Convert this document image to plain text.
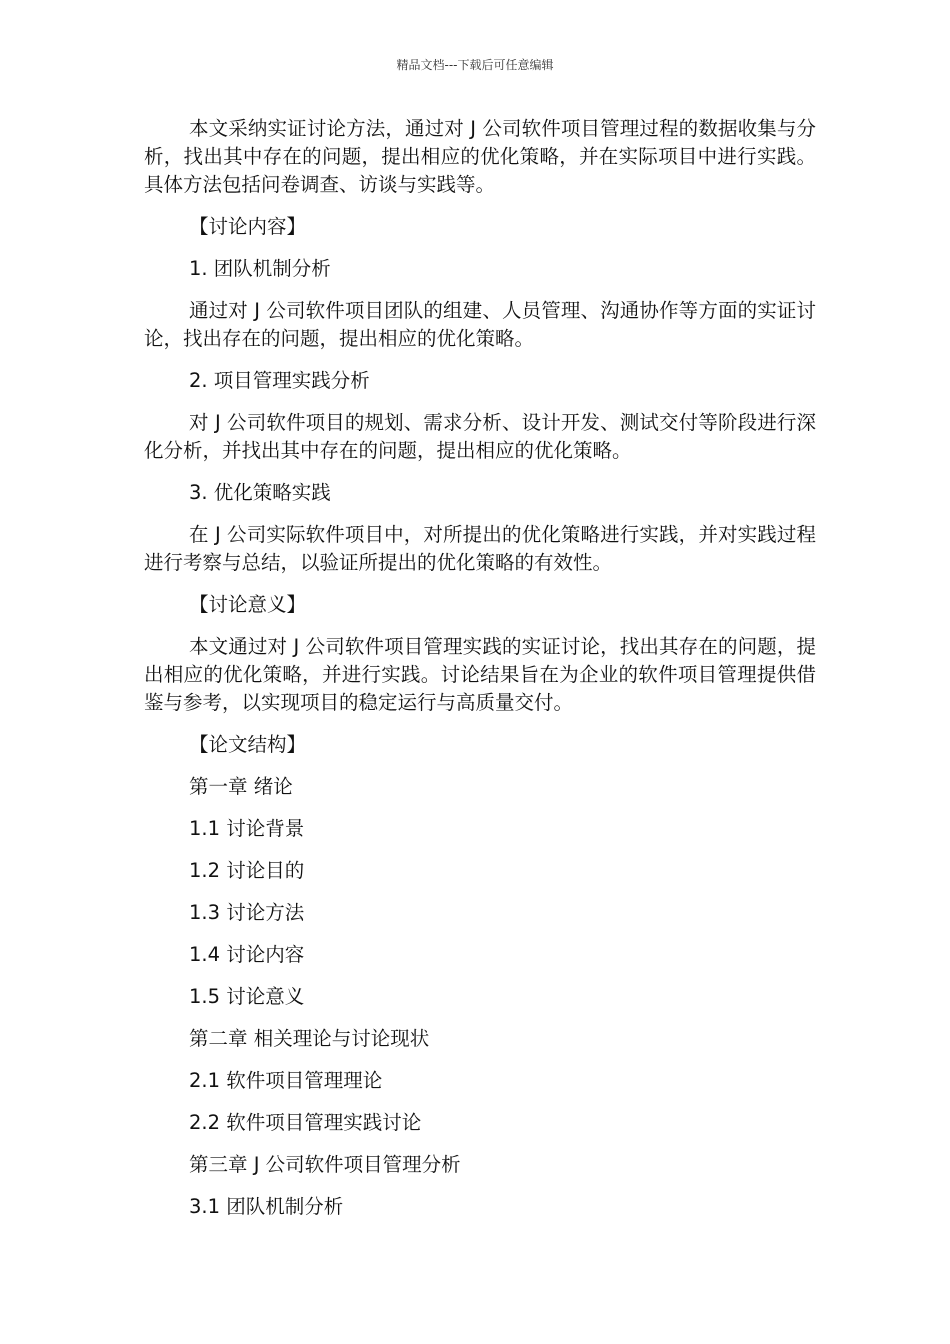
精品文档---下载后可任意编辑

本文采纳实证讨论方法，通过对 J 公司软件项目管理过程的数据收集与分析，找出其中存在的问题，提出相应的优化策略，并在实际项目中进行实践。具体方法包括问卷调查、访谈与实践等。

【讨论内容】
1. 团队机制分析

通过对 J 公司软件项目团队的组建、人员管理、沟通协作等方面的实证讨论，找出存在的问题，提出相应的优化策略。

2. 项目管理实践分析

对 J 公司软件项目的规划、需求分析、设计开发、测试交付等阶段进行深化分析，并找出其中存在的问题，提出相应的优化策略。

3. 优化策略实践

在 J 公司实际软件项目中，对所提出的优化策略进行实践，并对实践过程进行考察与总结，以验证所提出的优化策略的有效性。

【讨论意义】

本文通过对 J 公司软件项目管理实践的实证讨论，找出其存在的问题，提出相应的优化策略，并进行实践。讨论结果旨在为企业的软件项目管理提供借鉴与参考，以实现项目的稳定运行与高质量交付。

【论文结构】
第一章 绪论
1.1 讨论背景
1.2 讨论目的
1.3 讨论方法
1.4 讨论内容
1.5 讨论意义
第二章 相关理论与讨论现状
2.1 软件项目管理理论
2.2 软件项目管理实践讨论
第三章 J 公司软件项目管理分析
3.1 团队机制分析
